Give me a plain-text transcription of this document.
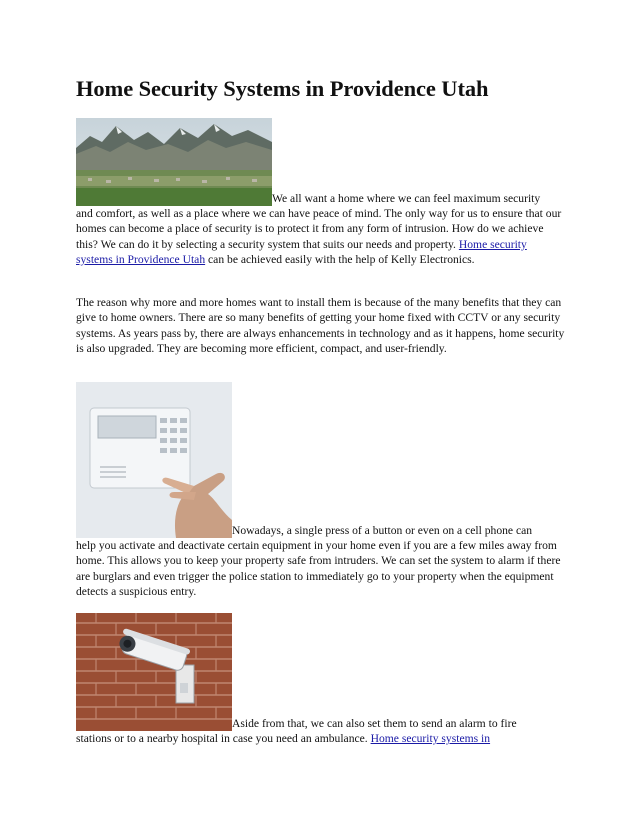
Home Security Systems in Providence Utah
We all want a home where we can feel maximum security

and comfort, as well as a place where we can have peace of mind. The only way for us to ensure that our homes can become a place of security is to protect it from any form of intrusion. How do we achieve this? We can do it by selecting a security system that suits our needs and property. Home security systems in Providence Utah can be achieved easily with the help of Kelly Electronics.

The reason why more and more homes want to install them is because of the many benefits that they can give to home owners. There are so many benefits of getting your home fixed with CCTV or any security systems. As years pass by, there are always enhancements in technology and as it happens, home security is also upgraded. They are becoming more efficient, compact, and user-friendly.

Nowadays, a single press of a button or even on a cell phone can

help you activate and deactivate certain equipment in your home even if you are a few miles away from home. This allows you to keep your property safe from intruders. We can set the system to alarm if there are burglars and even trigger the police station to immediately go to your property when the equipment detects a suspicious entry.

Aside from that, we can also set them to send an alarm to fire

stations or to a nearby hospital in case you need an ambulance. Home security systems in
